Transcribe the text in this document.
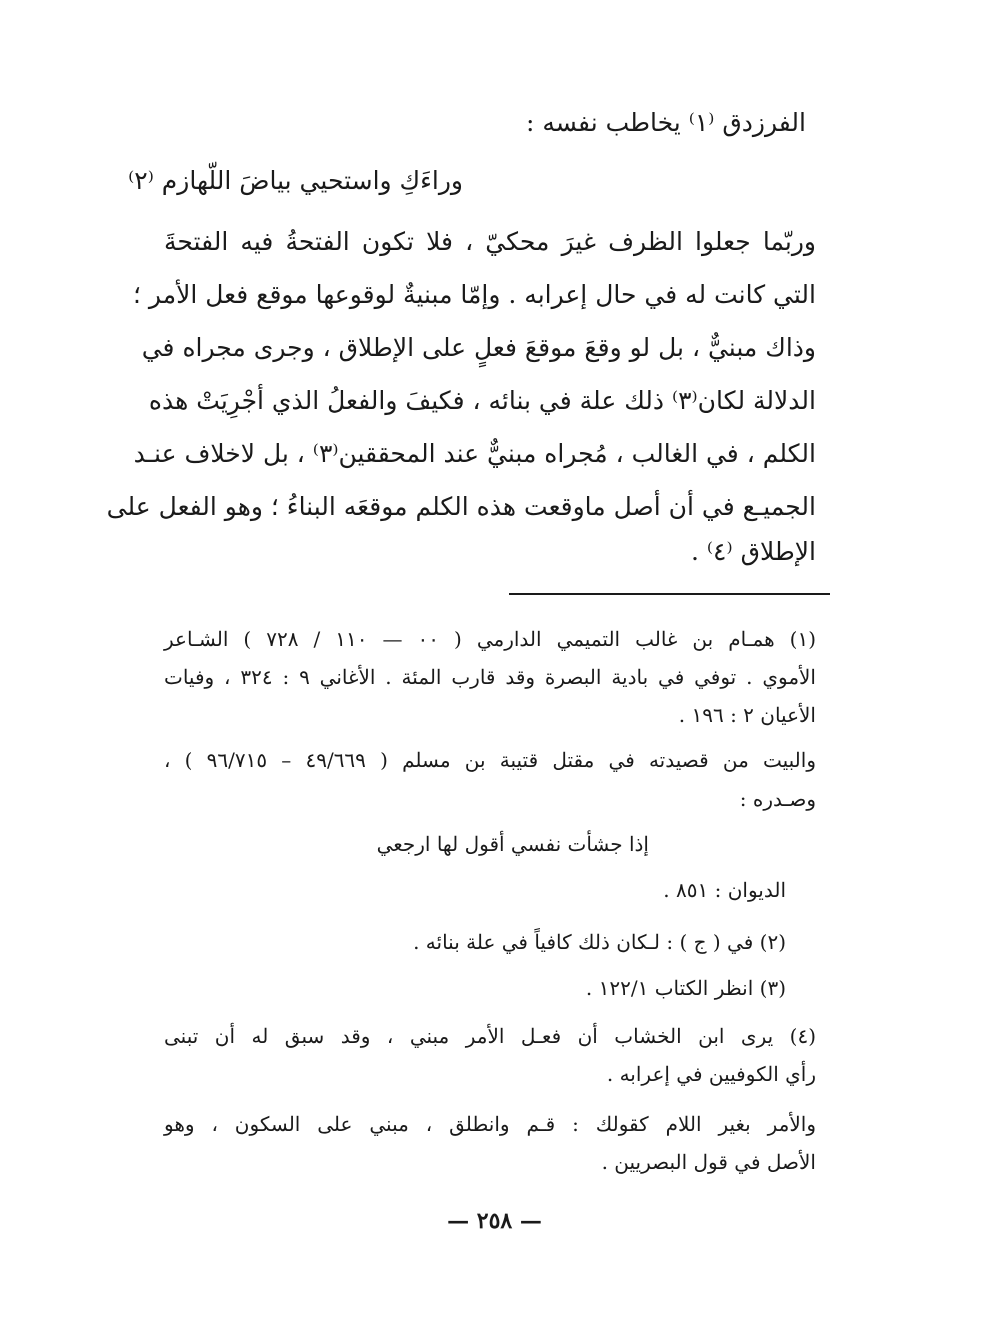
الفرزدق ⁽١⁾ يخاطب نفسه :
وراءَكِ واستحيي بياضَ اللّهازم ⁽٢⁾
وربّما جعلوا الظرف غيرَ محكيّ ، فلا تكون الفتحةُ فيه الفتحةَ
التي كانت له في حال إعرابه . وإمّا مبنيةٌ لوقوعها موقع فعل الأمر ؛
وذاك مبنيٌّ ، بل لو وقعَ موقعَ فعلٍ على الإطلاق ، وجرى مجراه في
الدلالة لكان⁽٣⁾ ذلك علة في بنائه ، فكيفَ والفعلُ الذي أجْرِيَتْ هذه
الكلم ، في الغالب ، مُجراه مبنيٌّ عند المحققين⁽٣⁾ ، بل لاخلاف عنـد
الجميـع في أن أصل ماوقعت هذه الكلم موقعَه البناءُ ؛ وهو الفعل على
الإطلاق ⁽٤⁾ .
(١) همـام بن غالب التميمي الدارمي ( ٠٠ — ١١٠ / ٧٢٨ ) الشـاعر
الأموي . توفي في بادية البصرة وقد قارب المئة . الأغاني ٩ : ٣٢٤ ، وفيات
الأعيان ٢ : ١٩٦ .
والبيت من قصيدته في مقتل قتيبة بن مسلم ( ٤٩/٦٦٩ – ٩٦/٧١٥ ) ،
وصـدره :
إذا جشأت نفسي أقول لها ارجعي
الديوان : ٨٥١ .
(٢) في ( ج ) : لـكان ذلك كافياً في علة بنائه .
(٣) انظر الكتاب ١٢٢/١ .
(٤) يرى ابن الخشاب أن فعـل الأمر مبني ، وقد سبق له أن تبنى
رأي الكوفيين في إعرابه .
والأمر بغير اللام كقولك : قـم وانطلق ، مبني على السكون ، وهو
الأصل في قول البصريين .
— ٢٥٨ —
